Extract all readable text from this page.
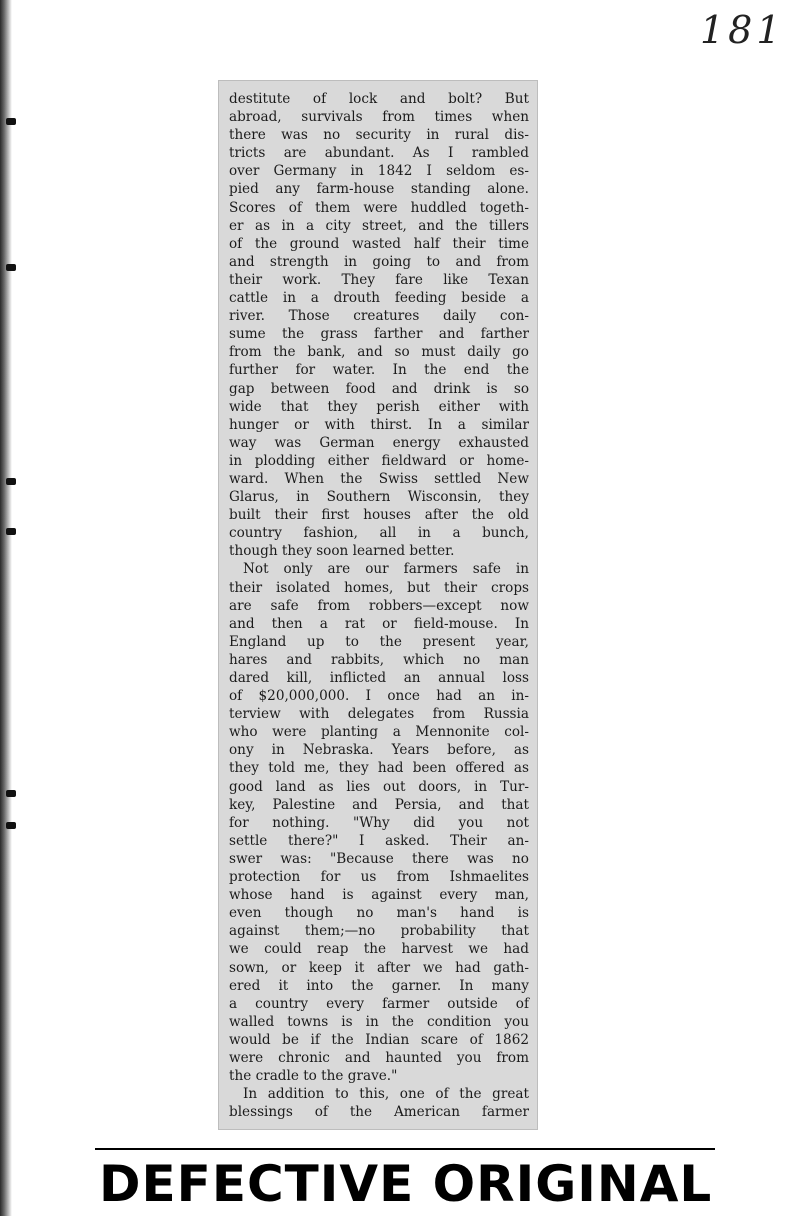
181
destitute of lock and bolt? But
abroad, survivals from times when
there was no security in rural dis-
tricts are abundant. As I rambled
over Germany in 1842 I seldom es-
pied any farm-house standing alone.
Scores of them were huddled togeth-
er as in a city street, and the tillers
of the ground wasted half their time
and strength in going to and from
their work. They fare like Texan
cattle in a drouth feeding beside a
river. Those creatures daily con-
sume the grass farther and farther
from the bank, and so must daily go
further for water. In the end the
gap between food and drink is so
wide that they perish either with
hunger or with thirst. In a similar
way was German energy exhausted
in plodding either fieldward or home-
ward. When the Swiss settled New
Glarus, in Southern Wisconsin, they
built their first houses after the old
country fashion, all in a bunch,
though they soon learned better.
Not only are our farmers safe in
their isolated homes, but their crops
are safe from robbers—except now
and then a rat or field-mouse. In
England up to the present year,
hares and rabbits, which no man
dared kill, inflicted an annual loss
of $20,000,000. I once had an in-
terview with delegates from Russia
who were planting a Mennonite col-
ony in Nebraska. Years before, as
they told me, they had been offered as
good land as lies out doors, in Tur-
key, Palestine and Persia, and that
for nothing. "Why did you not
settle there?" I asked. Their an-
swer was: "Because there was no
protection for us from Ishmaelites
whose hand is against every man,
even though no man's hand is
against them;—no probability that
we could reap the harvest we had
sown, or keep it after we had gath-
ered it into the garner. In many
a country every farmer outside of
walled towns is in the condition you
would be if the Indian scare of 1862
were chronic and haunted you from
the cradle to the grave."
In addition to this, one of the great
blessings of the American farmer
DEFECTIVE ORIGINAL
